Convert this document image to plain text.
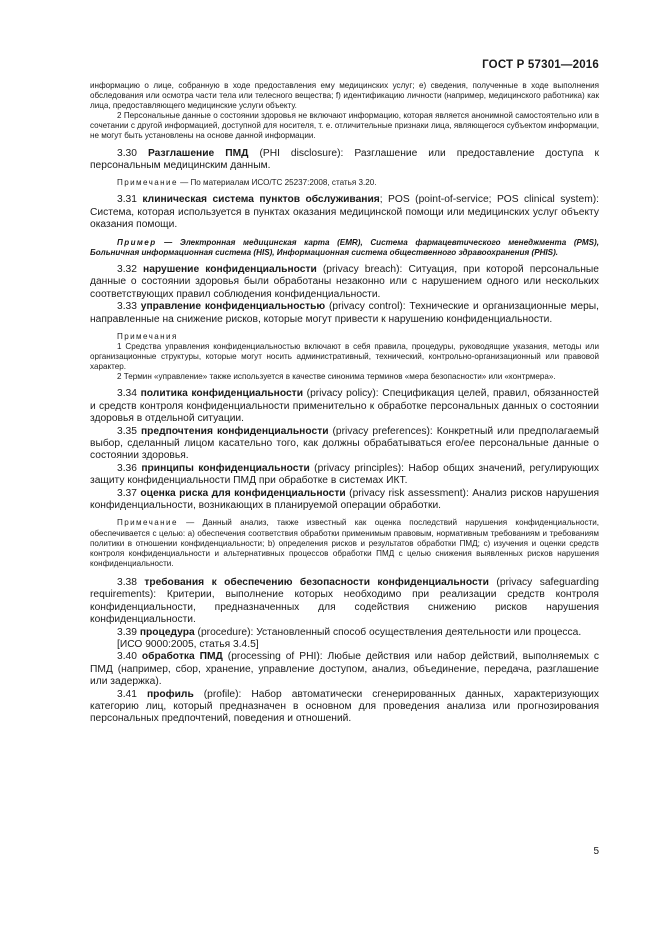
ГОСТ Р 57301—2016

информацию о лице, собранную в ходе предоставления ему медицинских услуг; e) сведения, полученные в ходе выполнения обследования или осмотра части тела или телесного вещества; f) идентификацию личности (например, медицинского работника) как лица, предоставляющего медицинские услуги объекту.

2 Персональные данные о состоянии здоровья не включают информацию, которая является анонимной самостоятельно или в сочетании с другой информацией, доступной для носителя, т. е. отличительные признаки лица, являющегося субъектом информации, не могут быть установлены на основе данной информации.

3.30 Разглашение ПМД (PHI disclosure): Разглашение или предоставление доступа к персональным медицинским данным.

Примечание — По материалам ИСО/ТС 25237:2008, статья 3.20.

3.31 клиническая система пунктов обслуживания; POS (point-of-service; POS clinical system): Система, которая используется в пунктах оказания медицинской помощи или медицинских услуг объекту оказания помощи.

Пример — Электронная медицинская карта (EMR), Система фармацевтического менеджмента (PMS), Больничная информационная система (HIS), Информационная система общественного здравоохранения (PHIS).

3.32 нарушение конфиденциальности (privacy breach): Ситуация, при которой персональные данные о состоянии здоровья были обработаны незаконно или с нарушением одного или нескольких соответствующих правил соблюдения конфиденциальности.

3.33 управление конфиденциальностью (privacy control): Технические и организационные меры, направленные на снижение рисков, которые могут привести к нарушению конфиденциальности.

Примечания

1 Средства управления конфиденциальностью включают в себя правила, процедуры, руководящие указания, методы или организационные структуры, которые могут носить административный, технический, контрольно-организационный или правовой характер.

2 Термин «управление» также используется в качестве синонима терминов «мера безопасности» или «контрмера».

3.34 политика конфиденциальности (privacy policy): Спецификация целей, правил, обязанностей и средств контроля конфиденциальности применительно к обработке персональных данных о состоянии здоровья в отдельной ситуации.

3.35 предпочтения конфиденциальности (privacy preferences): Конкретный или предполагаемый выбор, сделанный лицом касательно того, как должны обрабатываться его/ее персональные данные о состоянии здоровья.

3.36 принципы конфиденциальности (privacy principles): Набор общих значений, регулирующих защиту конфиденциальности ПМД при обработке в системах ИКТ.

3.37 оценка риска для конфиденциальности (privacy risk assessment): Анализ рисков нарушения конфиденциальности, возникающих в планируемой операции обработки.

Примечание — Данный анализ, также известный как оценка последствий нарушения конфиденциальности, обеспечивается с целью: a) обеспечения соответствия обработки применимым правовым, нормативным требованиям и требованиям политики в отношении конфиденциальности; b) определения рисков и результатов обработки ПМД; c) изучения и оценки средств контроля конфиденциальности и альтернативных процессов обработки ПМД с целью снижения выявленных рисков нарушения конфиденциальности.

3.38 требования к обеспечению безопасности конфиденциальности (privacy safeguarding requirements): Критерии, выполнение которых необходимо при реализации средств контроля конфиденциальности, предназначенных для содействия снижению рисков нарушения конфиденциальности.

3.39 процедура (procedure): Установленный способ осуществления деятельности или процесса.

[ИСО 9000:2005, статья 3.4.5]

3.40 обработка ПМД (processing of PHI): Любые действия или набор действий, выполняемых с ПМД (например, сбор, хранение, управление доступом, анализ, объединение, передача, разглашение или задержка).

3.41 профиль (profile): Набор автоматически сгенерированных данных, характеризующих категорию лиц, который предназначен в основном для проведения анализа или прогнозирования персональных предпочтений, поведения и отношений.

5
